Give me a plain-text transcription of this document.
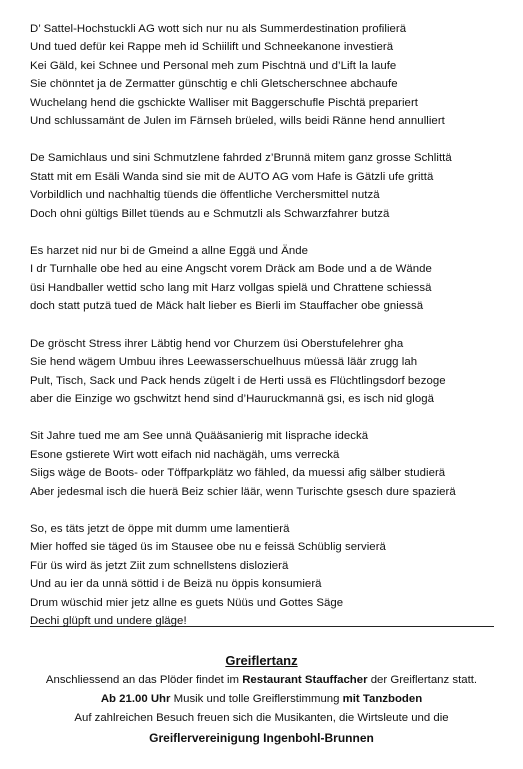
D’ Sattel-Hochstuckli AG wott sich nur nu als Summerdestination profilierä
Und tued defür kei Rappe meh id Schiilift und Schneekanone investierä
Kei Gäld, kei Schnee und Personal meh zum Pischtnä und d’Lift la laufe
Sie chönntet ja de Zermatter günschtig e chli Gletscherschnee abchaufe
Wuchelang hend die gschickte Walliser mit Baggerschufle Pischtä prepariert
Und schlussamänt de Julen im Färnseh brüeled, wills beidi Ränne hend annulliert
De Samichlaus und sini Schmutzlene fahrded z’Brunnä mitem ganz grosse Schlittä
Statt mit em Esäli Wanda sind sie mit de AUTO AG vom Hafe is Gätzli ufe grittä
Vorbildlich und nachhaltig tüends die öffentliche Verchersmittel nutzä
Doch ohni gültigs Billet tüends au e Schmutzli als Schwarzfahrer butzä
Es harzet nid nur bi de Gmeind a allne Eggä und Ände
I dr Turnhalle obe hed au eine Angscht vorem Dräck am Bode und a de Wände
üsi Handballer wettid scho lang mit Harz vollgas spielä und Chrattene schiessä
doch statt putzä tued de Mäck halt lieber es Bierli im Stauffacher obe gniessä
De gröscht Stress ihrer Läbtig hend vor Churzem üsi Oberstufelehrer gha
Sie hend wägem Umbuu ihres Leewasserschuelhuus müessä läär zrugg lah
Pult, Tisch, Sack und Pack hends zügelt i de Herti ussä es Flüchtlingsdorf bezoge
aber die Einzige wo gschwitzt hend sind d’Hauruckmannä gsi, es isch nid glogä
Sit Jahre tued me am See unnä Quääsanierig mit Iisprache ideckä
Esone gstierete Wirt wott eifach nid nachägäh, ums verreckä
Siigs wäge de Boots- oder Töffparkplätz wo fähled, da muessi afig sälber studierä
Aber jedesmal isch die huerä Beiz schier läär, wenn Turischte gsesch dure spazierä
So, es täts jetzt de öppe mit dumm ume lamentierä
Mier hoffed sie täged üs im Stausee obe nu e feissä Schüblig servierä
Für üs wird äs jetzt Ziit zum schnellstens dislozierä
Und au ier da unnä söttid i de Beizä nu öppis konsumierä
Drum wüschid mier jetz allne es guets Nüüs und Gottes Säge
Dechi glüpft und undere gläge!
Greiflertanz
Anschliessend an das Plöder findet im Restaurant Stauffacher der Greiflertanz statt.
Ab 21.00 Uhr Musik und tolle Greiflerstimmung mit Tanzboden
Auf zahlreichen Besuch freuen sich die Musikanten, die Wirtsleute und die
Greiflervereinigung Ingenbohl-Brunnen
